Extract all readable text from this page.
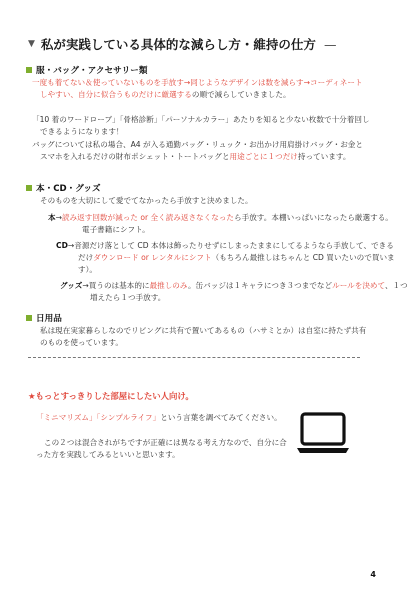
▼ 私が実践している具体的な減らし方・維持の仕方 —
服・バッグ・アクセサリー類
一度も着てない＆使っていないものを手放す→同じようなデザインは数を減らす→コーディネートしやすい、自分に似合うものだけに厳選するの順で減らしていきました。
「10 着のワードローブ」「骨格診断」「パーソナルカラー」あたりを知ると少ない枚数で十分着回しできるようになります！
バッグについては私の場合、A4 が入る通勤バッグ・リュック・お出かけ用肩掛けバッグ・お金とスマホを入れるだけの財布ポシェット・トートバッグと用途ごとに１つだけ持っています。
本・CD・グッズ
そのものを大切にして愛でてなかったら手放すと決めました。
本→読み返す回数が減った or 全く読み返さなくなったら手放す。本棚いっぱいになったら厳選する。電子書籍にシフト。
CD→音源だけ落として CD 本体は飾ったりせずにしまったままにしてるようなら手放して、できるだけダウンロード or レンタルにシフト（もちろん最推しはちゃんと CD 買いたいので買います）。
グッズ→買うのは基本的に最推しのみ。缶バッジは１キャラにつき３つまでなどルールを決めて、１つ増えたら１つ手放す。
日用品
私は現在実家暮らしなのでリビングに共有で置いてあるもの（ハサミとか）は自室に持たず共有のものを使っています。
★もっとすっきりした部屋にしたい人向け。
「ミニマリズム」「シンプルライフ」という言葉を調べてみてください。
この２つは混合されがちですが正確には異なる考え方なので、自分に合った方を実践してみるといいと思います。
4
